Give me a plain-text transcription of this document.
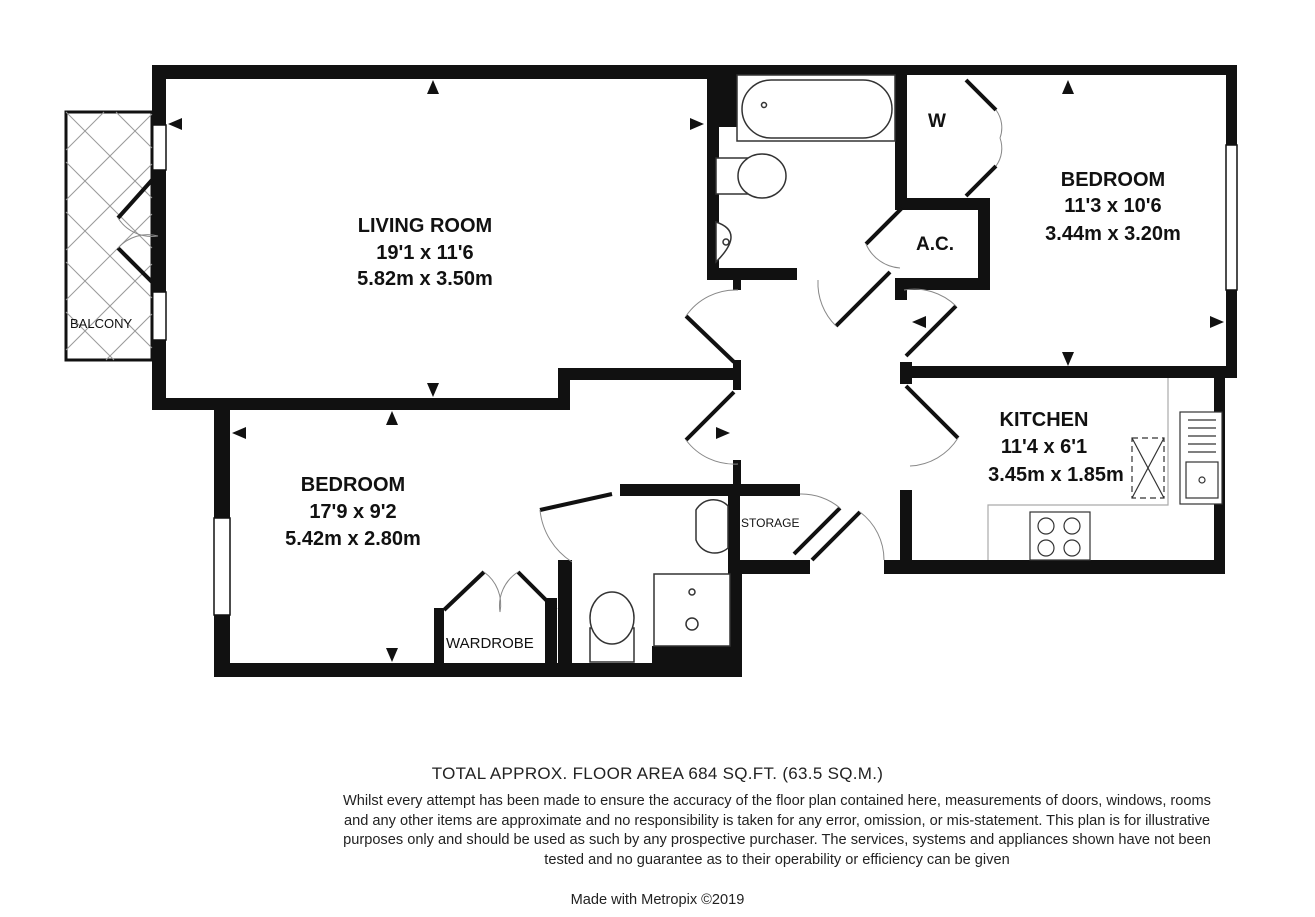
BALCONY
LIVING ROOM
19'1 x 11'6
5.82m x 3.50m
BEDROOM
11'3 x 10'6
3.44m x 3.20m
BEDROOM
17'9 x 9'2
5.42m x 2.80m
KITCHEN
11'4 x 6'1
3.45m x 1.85m
W
A.C.
WARDROBE
STORAGE
TOTAL APPROX. FLOOR AREA 684 SQ.FT. (63.5 SQ.M.)
Whilst every attempt has been made to ensure the accuracy of the floor plan contained here, measurements of doors, windows, rooms and any other items are approximate and no responsibility is taken for any error, omission, or mis-statement. This plan is for illustrative purposes only and should be used as such by any prospective purchaser. The services, systems and appliances shown have not been tested and no guarantee as to their operability or efficiency can be given
Made with Metropix ©2019
